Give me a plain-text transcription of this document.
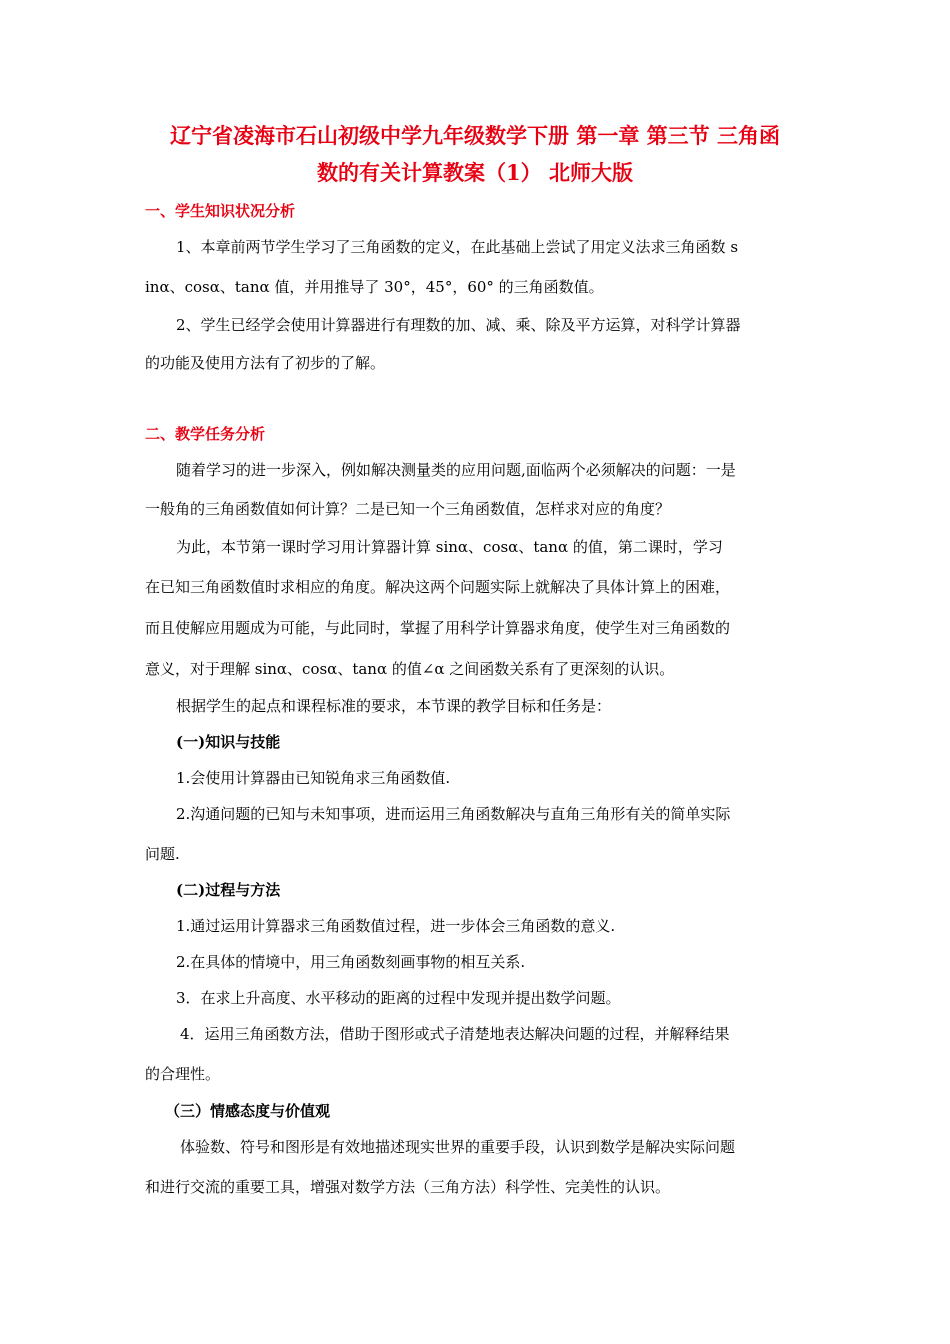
辽宁省凌海市石山初级中学九年级数学下册 第一章 第三节 三角函
数的有关计算教案（1） 北师大版
一、学生知识状况分析
1、本章前两节学生学习了三角函数的定义，在此基础上尝试了用定义法求三角函数 s
inα、cosα、tanα 值，并用推导了 30°，45°，60° 的三角函数值。
2、学生已经学会使用计算器进行有理数的加、减、乘、除及平方运算，对科学计算器
的功能及使用方法有了初步的了解。
二、教学任务分析
随着学习的进一步深入，例如解决测量类的应用问题,面临两个必须解决的问题：一是
一般角的三角函数值如何计算？二是已知一个三角函数值，怎样求对应的角度？
为此，本节第一课时学习用计算器计算 sinα、cosα、tanα 的值，第二课时，学习
在已知三角函数值时求相应的角度。解决这两个问题实际上就解决了具体计算上的困难，
而且使解应用题成为可能，与此同时，掌握了用科学计算器求角度，使学生对三角函数的
意义，对于理解 sinα、cosα、tanα 的值∠α 之间函数关系有了更深刻的认识。
根据学生的起点和课程标准的要求，本节课的教学目标和任务是：
(一)知识与技能
1.会使用计算器由已知锐角求三角函数值.
2.沟通问题的已知与未知事项，进而运用三角函数解决与直角三角形有关的简单实际
问题.
(二)过程与方法
1.通过运用计算器求三角函数值过程，进一步体会三角函数的意义.
2.在具体的情境中，用三角函数刻画事物的相互关系.
3．在求上升高度、水平移动的距离的过程中发现并提出数学问题。
4．运用三角函数方法，借助于图形或式子清楚地表达解决问题的过程，并解释结果
的合理性。
（三）情感态度与价值观
体验数、符号和图形是有效地描述现实世界的重要手段，认识到数学是解决实际问题
和进行交流的重要工具，增强对数学方法（三角方法）科学性、完美性的认识。
